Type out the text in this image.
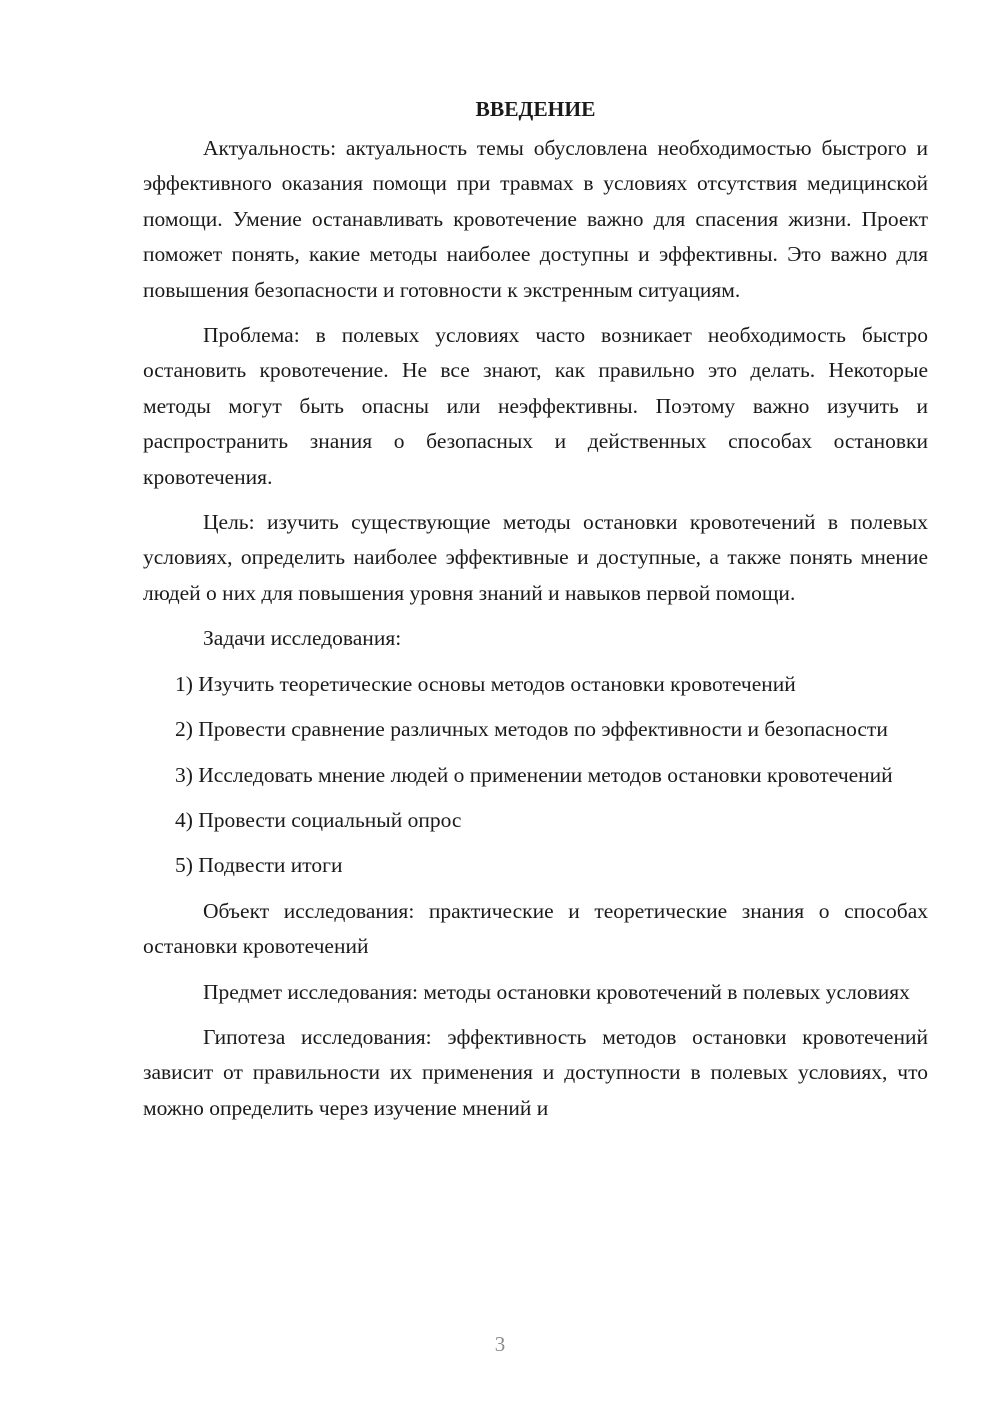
ВВЕДЕНИЕ

Актуальность: актуальность темы обусловлена необходимостью быстрого и эффективного оказания помощи при травмах в условиях отсутствия медицинской помощи. Умение останавливать кровотечение важно для спасения жизни. Проект поможет понять, какие методы наиболее доступны и эффективны. Это важно для повышения безопасности и готовности к экстренным ситуациям.

Проблема: в полевых условиях часто возникает необходимость быстро остановить кровотечение. Не все знают, как правильно это делать. Некоторые методы могут быть опасны или неэффективны. Поэтому важно изучить и распространить знания о безопасных и действенных способах остановки кровотечения.

Цель: изучить существующие методы остановки кровотечений в полевых условиях, определить наиболее эффективные и доступные, а также понять мнение людей о них для повышения уровня знаний и навыков первой помощи.

Задачи исследования:

1) Изучить теоретические основы методов остановки кровотечений

2) Провести сравнение различных методов по эффективности и безопасности

3) Исследовать мнение людей о применении методов остановки кровотечений

4) Провести социальный опрос

5) Подвести итоги

Объект исследования: практические и теоретические знания о способах остановки кровотечений

Предмет исследования: методы остановки кровотечений в полевых условиях

Гипотеза исследования: эффективность методов остановки кровотечений зависит от правильности их применения и доступности в полевых условиях, что можно определить через изучение мнений и

3
